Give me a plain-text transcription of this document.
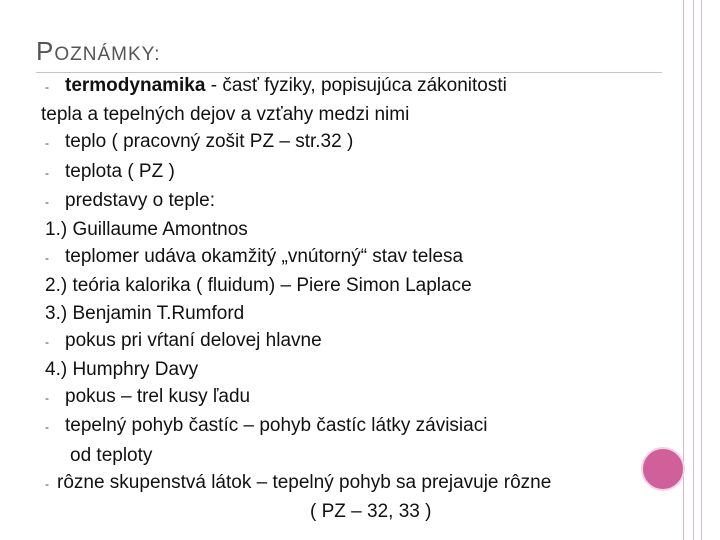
POZNÁMKY:
- termodynamika - časť fyziky, popisujúca zákonitosti
tepla a tepelných dejov a vzťahy medzi nimi
- teplo ( pracovný zošit PZ – str.32 )
- teplota ( PZ )
- predstavy o teple:
1.) Guillaume Amontnos
- teplomer udáva okamžitý „vnútorný“ stav telesa
2.) teória kalorika ( fluidum) – Piere Simon Laplace
3.) Benjamin T.Rumford
- pokus pri vŕtaní delovej hlavne
4.) Humphry Davy
- pokus – trel kusy ľadu
- tepelný pohyb častíc – pohyb častíc látky závisiaci
od teploty
- rôzne skupenstvá látok – tepelný pohyb sa prejavuje rôzne
( PZ – 32, 33 )
